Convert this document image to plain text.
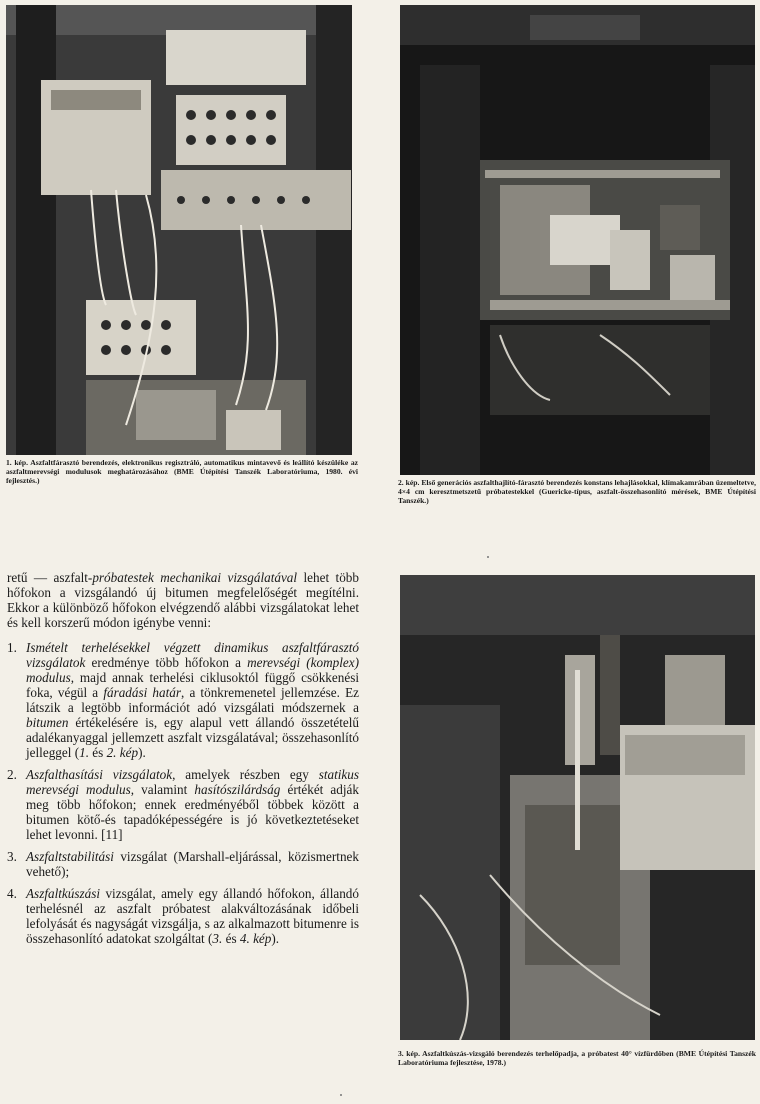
1. kép. Aszfaltfárasztó berendezés, elektronikus regisztráló, automatikus mintavevő és leállító készüléke az aszfaltmerevségi modulusok meghatározásához (BME Útépítési Tanszék Laboratóriuma, 1980. évi fejlesztés.)	2. kép. Első generációs aszfalthajlító-fárasztó berendezés konstans lehajlásokkal, klímakamrában üzemeltetve, 4×4 cm keresztmetszetű próbatestekkel (Guericke-típus, aszfalt-összehasonlító mérések, BME Útépítési Tanszék.)
3. kép. Aszfaltkúszás-vizsgáló berendezés terhelőpadja, a próbatest 40° vízfürdőben (BME Útépítési Tanszék Laboratóriuma fejlesztése, 1978.)

retű — aszfalt-próbatestek mechanikai vizsgálatával lehet több hőfokon a vizsgálandó új bitumen megfelelőségét megítélni. Ekkor a különböző hőfokon elvégzendő alábbi vizsgálatokat lehet és kell korszerű módon igénybe venni:

1. Ismételt terhelésekkel végzett dinamikus aszfaltfárasztó vizsgálatok eredménye több hőfokon a merevségi (komplex) modulus, majd annak terhelési ciklusoktól függő csökkenési foka, végül a fáradási határ, a tönkremenetel jellemzése. Ez látszik a legtöbb információt adó vizsgálati módszernek a bitumen értékelésére is, egy alapul vett állandó összetételű adalékanyaggal jellemzett aszfalt vizsgálatával; összehasonlító jelleggel (1. és 2. kép).
2. Aszfalthasítási vizsgálatok, amelyek részben egy statikus merevségi modulus, valamint hasítószilárdság értékét adják meg több hőfokon; ennek eredményéből többek között a bitumen kötő-és tapadóképességére is jó következtetéseket lehet levonni. [11]
3. Aszfaltstabilitási vizsgálat (Marshall-eljárással, közismertnek vehető);
4. Aszfaltkúszási vizsgálat, amely egy állandó hőfokon, állandó terhelésnél az aszfalt próbatest alakváltozásának időbeli lefolyását és nagyságát vizsgálja, s az alkalmazott bitumenre is összehasonlító adatokat szolgáltat (3. és 4. kép).
